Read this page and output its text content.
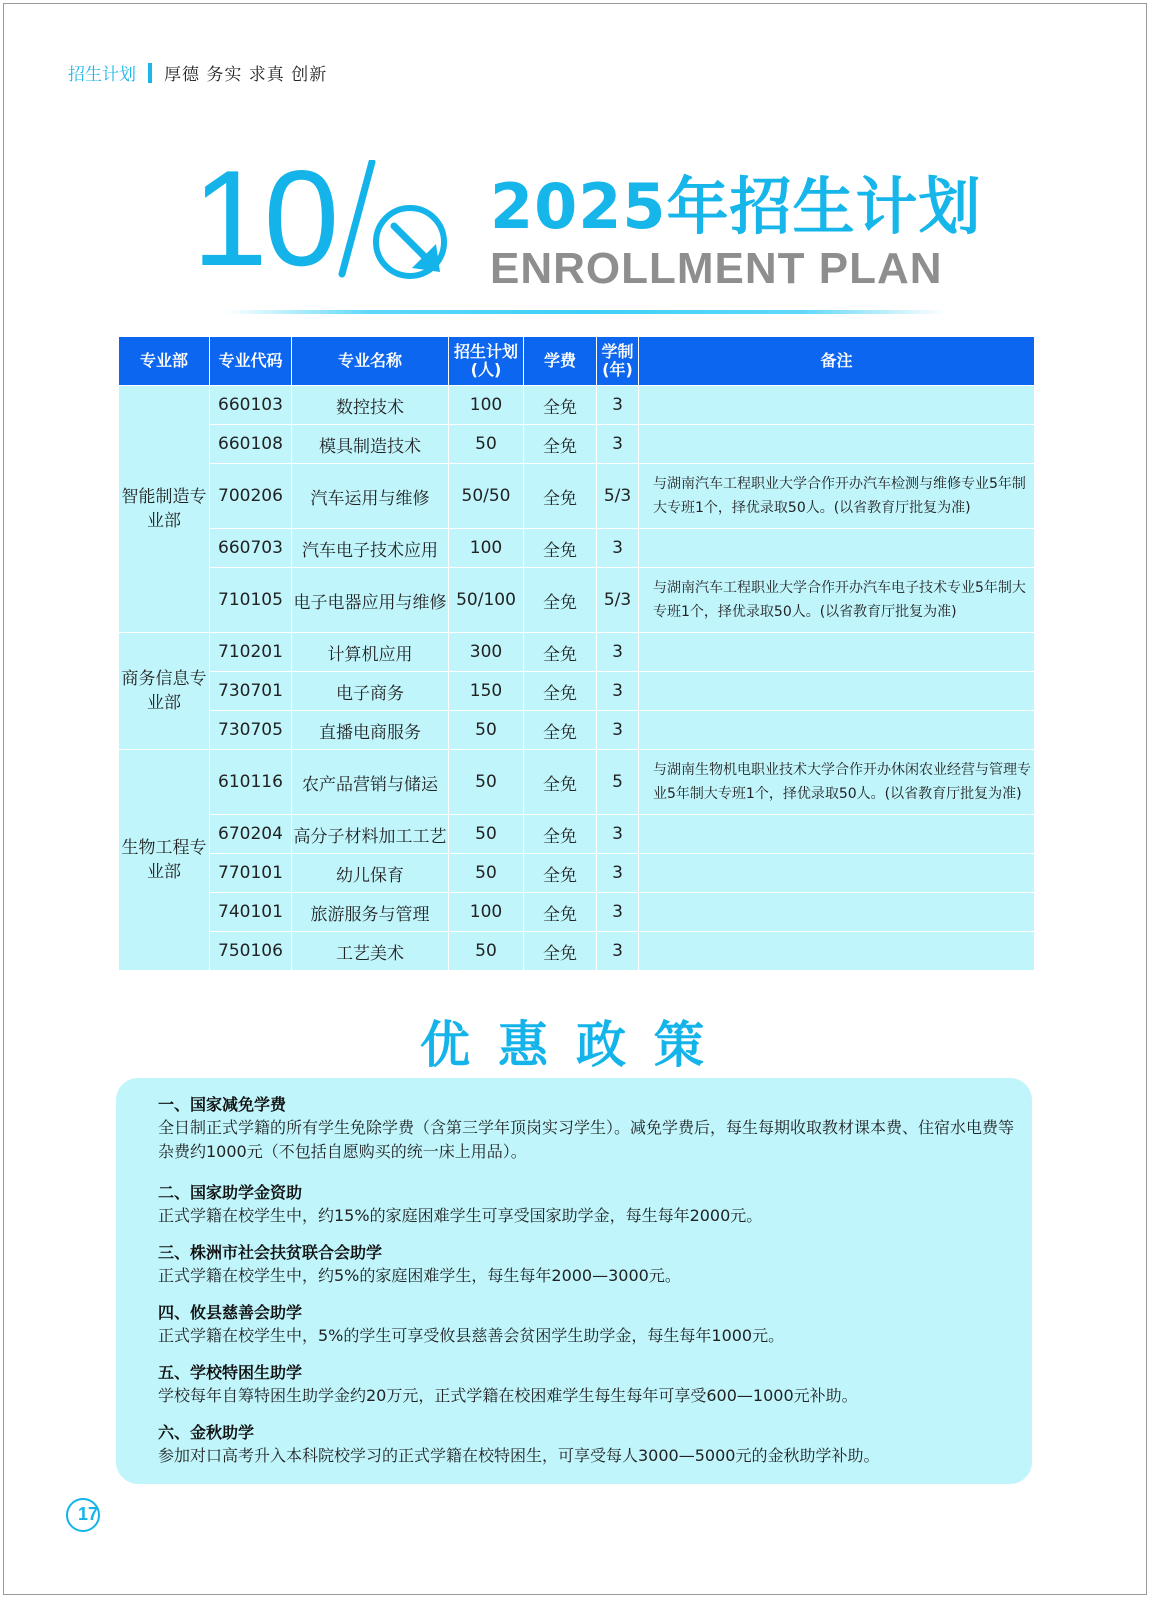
招生计划 厚德 务实 求真 创新
10 2025年招生计划
ENROLLMENT PLAN
专业部	专业代码	专业名称	招生计划(人)	学费	学制(年)	备注
智能制造专业部	660103	数控技术	100	全免	3	
	660108	模具制造技术	50	全免	3	
	700206	汽车运用与维修	50/50	全免	5/3	与湖南汽车工程职业大学合作开办汽车检测与维修专业5年制大专班1个，择优录取50人。(以省教育厅批复为准)
	660703	汽车电子技术应用	100	全免	3	
	710105	电子电器应用与维修	50/100	全免	5/3	与湖南汽车工程职业大学合作开办汽车电子技术专业5年制大专班1个，择优录取50人。(以省教育厅批复为准)
商务信息专业部	710201	计算机应用	300	全免	3	
	730701	电子商务	150	全免	3	
	730705	直播电商服务	50	全免	3	
生物工程专业部	610116	农产品营销与储运	50	全免	5	与湖南生物机电职业技术大学合作开办休闲农业经营与管理专业5年制大专班1个，择优录取50人。(以省教育厅批复为准)
	670204	高分子材料加工工艺	50	全免	3	
	770101	幼儿保育	50	全免	3	
	740101	旅游服务与管理	100	全免	3	
	750106	工艺美术	50	全免	3	
优惠政策
一、国家减免学费
全日制正式学籍的所有学生免除学费（含第三学年顶岗实习学生）。减免学费后，每生每期收取教材课本费、住宿水电费等杂费约1000元（不包括自愿购买的统一床上用品）。
二、国家助学金资助
正式学籍在校学生中，约15%的家庭困难学生可享受国家助学金，每生每年2000元。
三、株洲市社会扶贫联合会助学
正式学籍在校学生中，约5%的家庭困难学生，每生每年2000—3000元。
四、攸县慈善会助学
正式学籍在校学生中，5%的学生可享受攸县慈善会贫困学生助学金，每生每年1000元。
五、学校特困生助学
学校每年自筹特困生助学金约20万元，正式学籍在校困难学生每生每年可享受600—1000元补助。
六、金秋助学
参加对口高考升入本科院校学习的正式学籍在校特困生，可享受每人3000—5000元的金秋助学补助。
17
